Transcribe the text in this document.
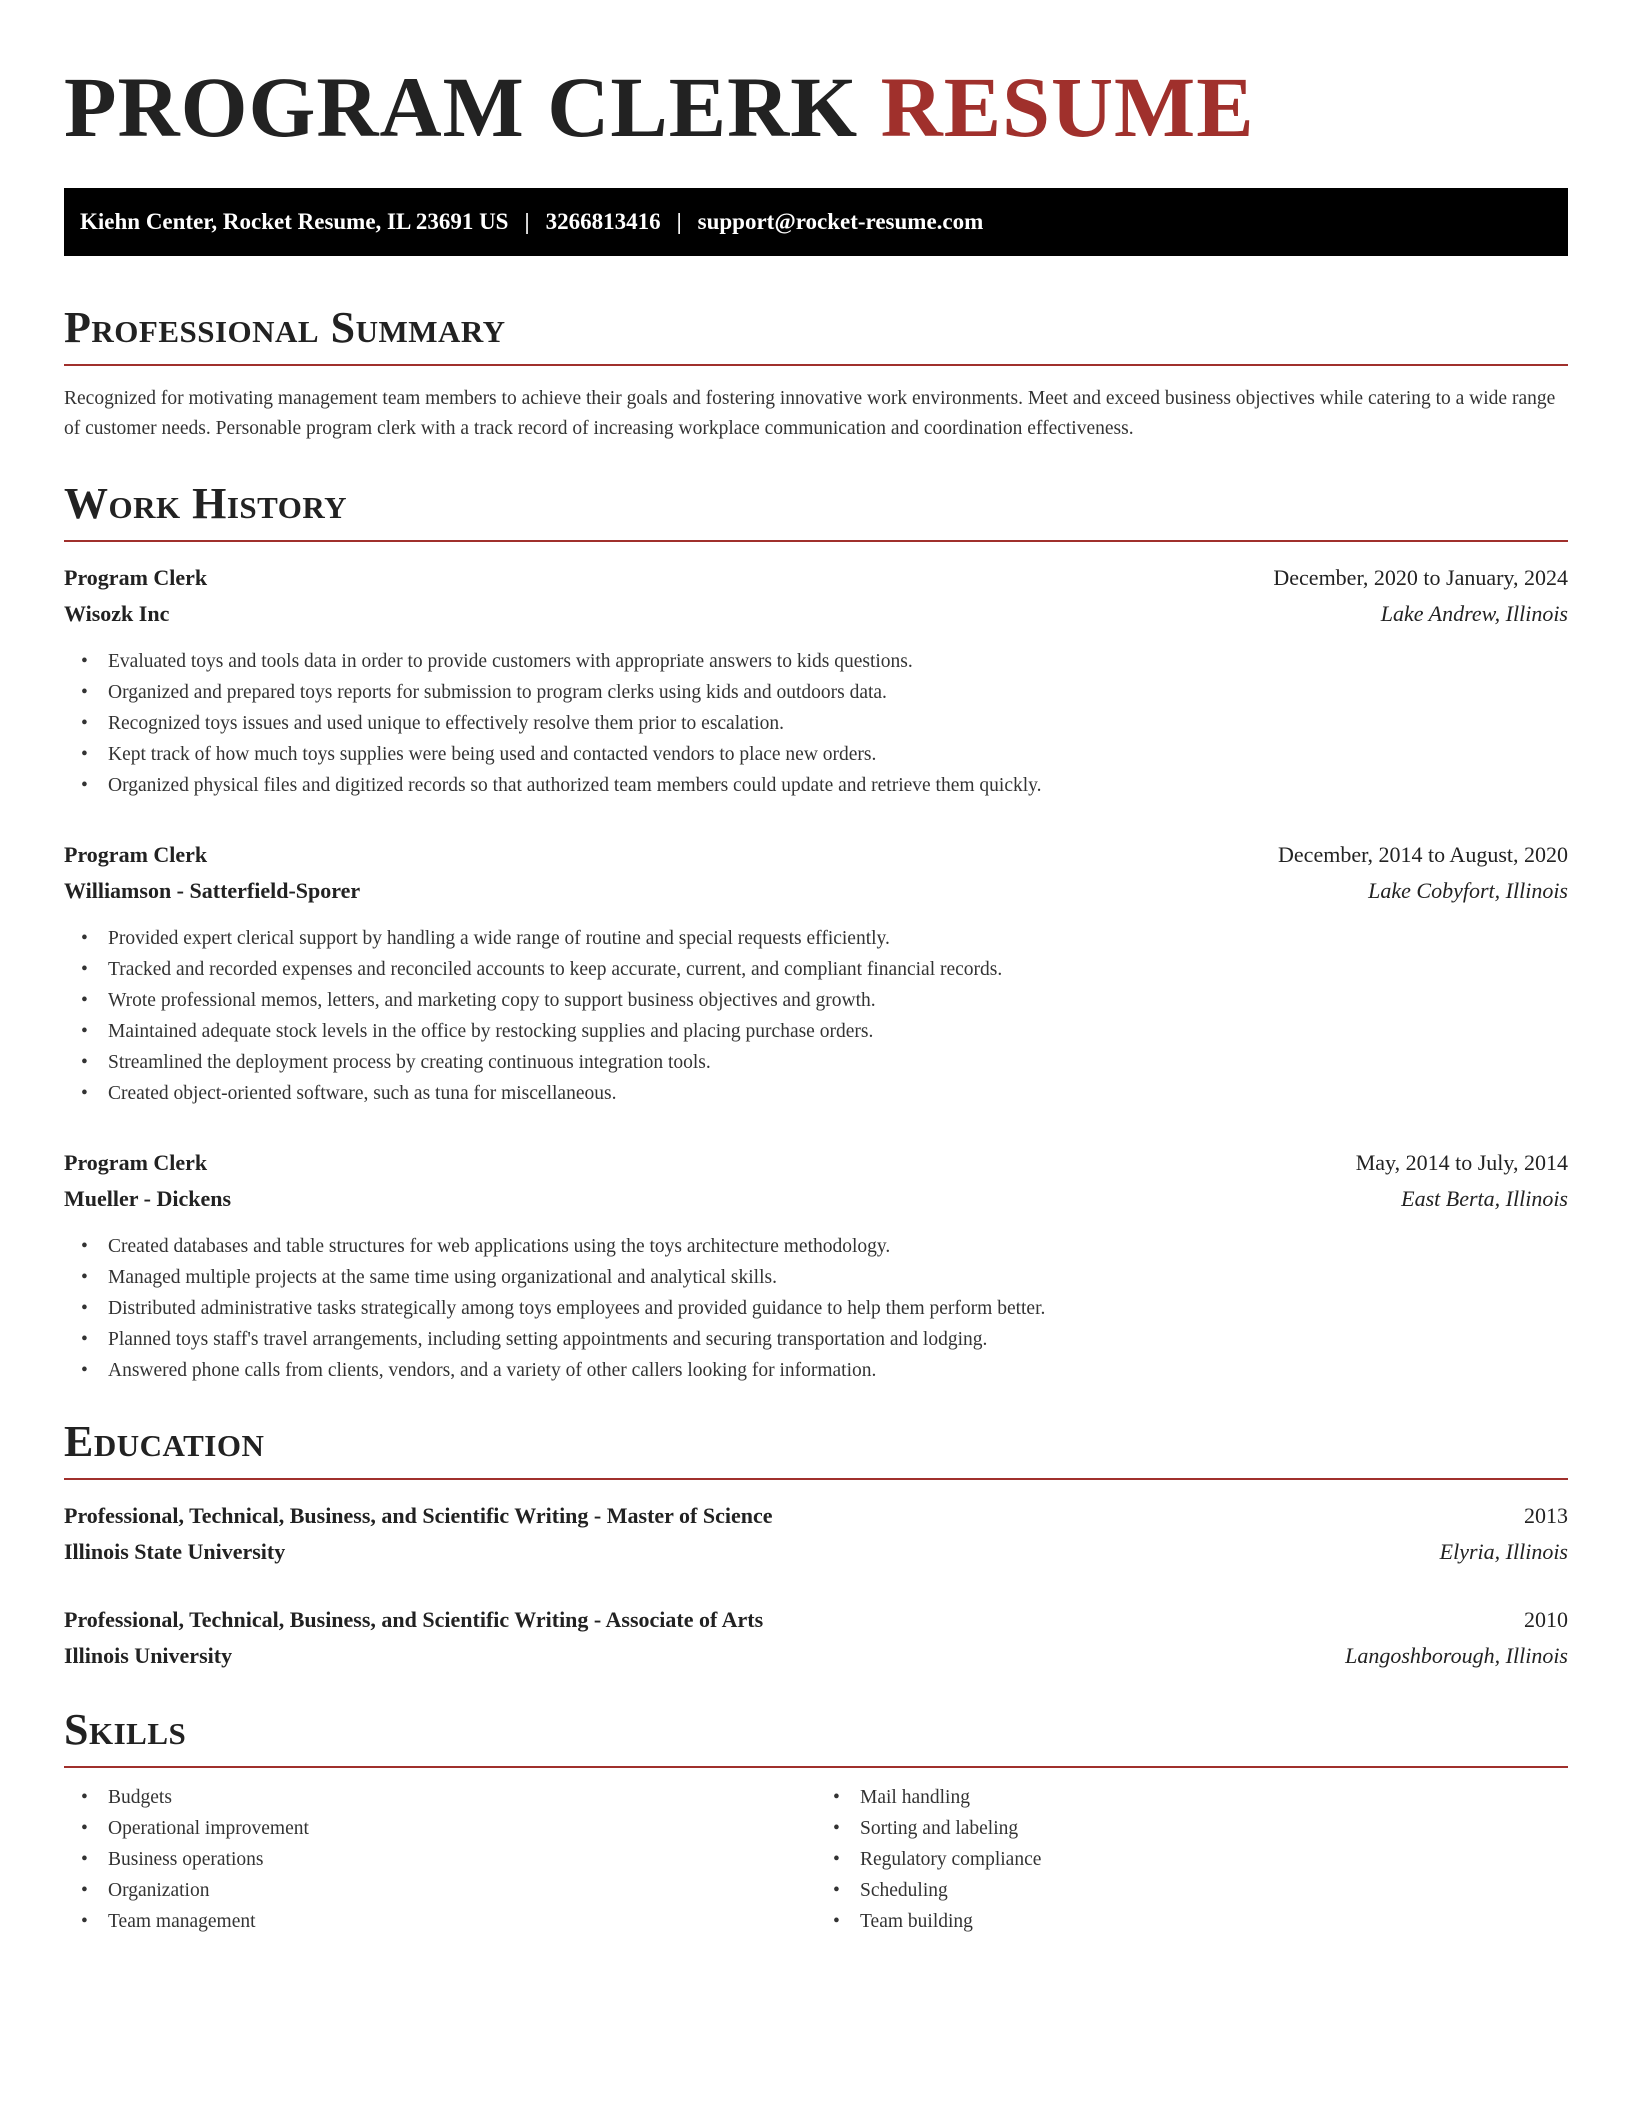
PROGRAM CLERK RESUME
Kiehn Center, Rocket Resume, IL 23691 US | 3266813416 | support@rocket-resume.com
Professional Summary

Recognized for motivating management team members to achieve their goals and fostering innovative work environments. Meet and exceed business objectives while catering to a wide range of customer needs. Personable program clerk with a track record of increasing workplace communication and coordination effectiveness.

Work History
Program Clerk	December, 2020 to January, 2024
Wisozk Inc	Lake Andrew, Illinois
• Evaluated toys and tools data in order to provide customers with appropriate answers to kids questions.
• Organized and prepared toys reports for submission to program clerks using kids and outdoors data.
• Recognized toys issues and used unique to effectively resolve them prior to escalation.
• Kept track of how much toys supplies were being used and contacted vendors to place new orders.
• Organized physical files and digitized records so that authorized team members could update and retrieve them quickly.
Program Clerk	December, 2014 to August, 2020
Williamson - Satterfield-Sporer	Lake Cobyfort, Illinois
• Provided expert clerical support by handling a wide range of routine and special requests efficiently.
• Tracked and recorded expenses and reconciled accounts to keep accurate, current, and compliant financial records.
• Wrote professional memos, letters, and marketing copy to support business objectives and growth.
• Maintained adequate stock levels in the office by restocking supplies and placing purchase orders.
• Streamlined the deployment process by creating continuous integration tools.
• Created object-oriented software, such as tuna for miscellaneous.
Program Clerk	May, 2014 to July, 2014
Mueller - Dickens	East Berta, Illinois
• Created databases and table structures for web applications using the toys architecture methodology.
• Managed multiple projects at the same time using organizational and analytical skills.
• Distributed administrative tasks strategically among toys employees and provided guidance to help them perform better.
• Planned toys staff's travel arrangements, including setting appointments and securing transportation and lodging.
• Answered phone calls from clients, vendors, and a variety of other callers looking for information.
Education
Professional, Technical, Business, and Scientific Writing - Master of Science	2013
Illinois State University	Elyria, Illinois
Professional, Technical, Business, and Scientific Writing - Associate of Arts	2010
Illinois University	Langoshborough, Illinois
Skills
• Budgets
• Operational improvement
• Business operations
• Organization
• Team management
• Mail handling
• Sorting and labeling
• Regulatory compliance
• Scheduling
• Team building
